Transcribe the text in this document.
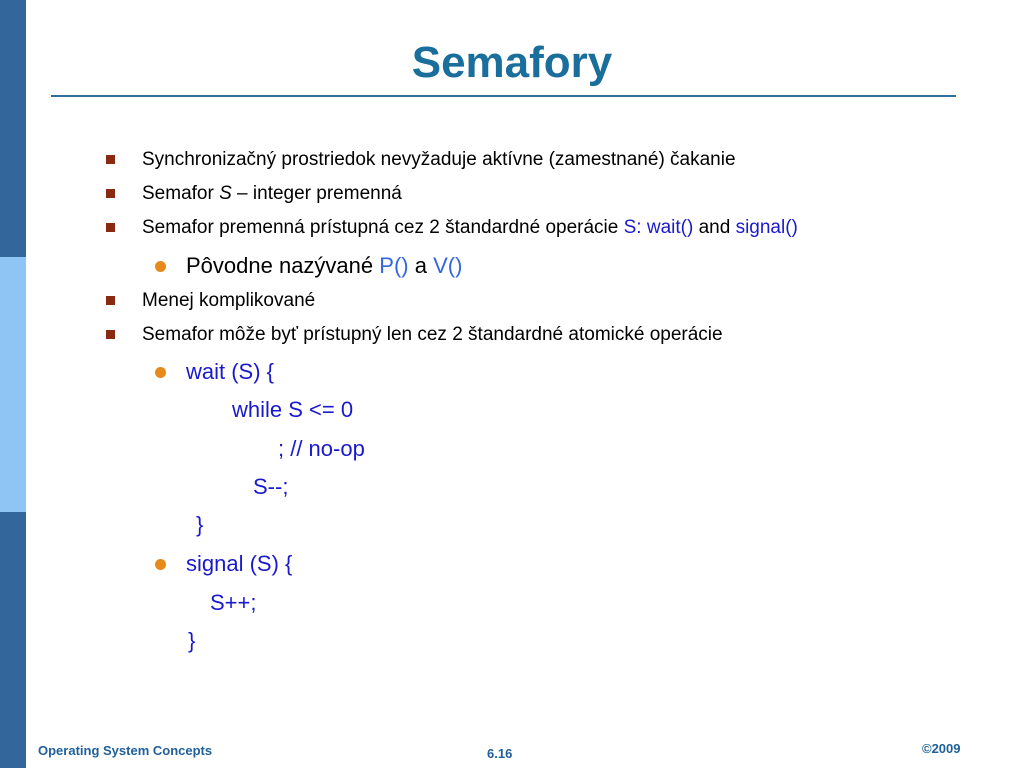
Semafory
Synchronizačný prostriedok nevyžaduje aktívne (zamestnané) čakanie
Semafor S – integer premenná
Semafor premenná prístupná cez 2 štandardné operácie S: wait() and signal()
Pôvodne nazývané P() a V()
Menej komplikované
Semafor môže byť prístupný len cez 2 štandardné atomické operácie
wait (S) {
while S <= 0
; // no-op
S--;
}
signal (S) {
S++;
}
Operating System Concepts	6.16	©2009
